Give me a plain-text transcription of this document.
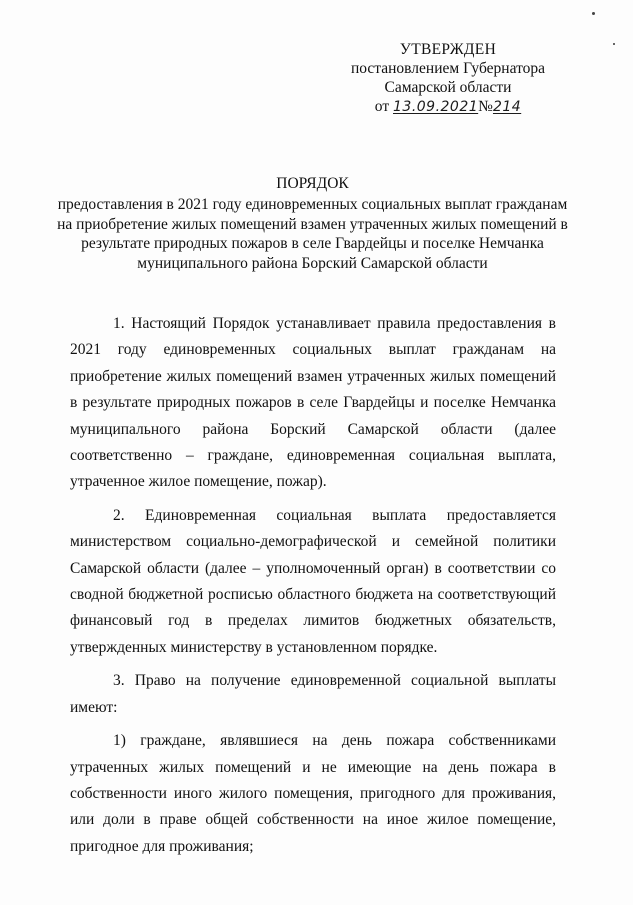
УТВЕРЖДЕН
постановлением Губернатора
Самарской области
от 13.09.2021№214
ПОРЯДОК
предоставления в 2021 году единовременных социальных выплат гражданам на приобретение жилых помещений взамен утраченных жилых помещений в результате природных пожаров в селе Гвардейцы и поселке Немчанка муниципального района Борский Самарской области

1. Настоящий Порядок устанавливает правила предоставления в 2021 году единовременных социальных выплат гражданам на приобретение жилых помещений взамен утраченных жилых помещений в результате природных пожаров в селе Гвардейцы и поселке Немчанка муниципального района Борский Самарской области (далее соответственно – граждане, единовременная социальная выплата, утраченное жилое помещение, пожар).

2. Единовременная социальная выплата предоставляется министерством социально-демографической и семейной политики Самарской области (далее – уполномоченный орган) в соответствии со сводной бюджетной росписью областного бюджета на соответствующий финансовый год в пределах лимитов бюджетных обязательств, утвержденных министерству в установленном порядке.

3. Право на получение единовременной социальной выплаты имеют:

1) граждане, являвшиеся на день пожара собственниками утраченных жилых помещений и не имеющие на день пожара в собственности иного жилого помещения, пригодного для проживания, или доли в праве общей собственности на иное жилое помещение, пригодное для проживания;
